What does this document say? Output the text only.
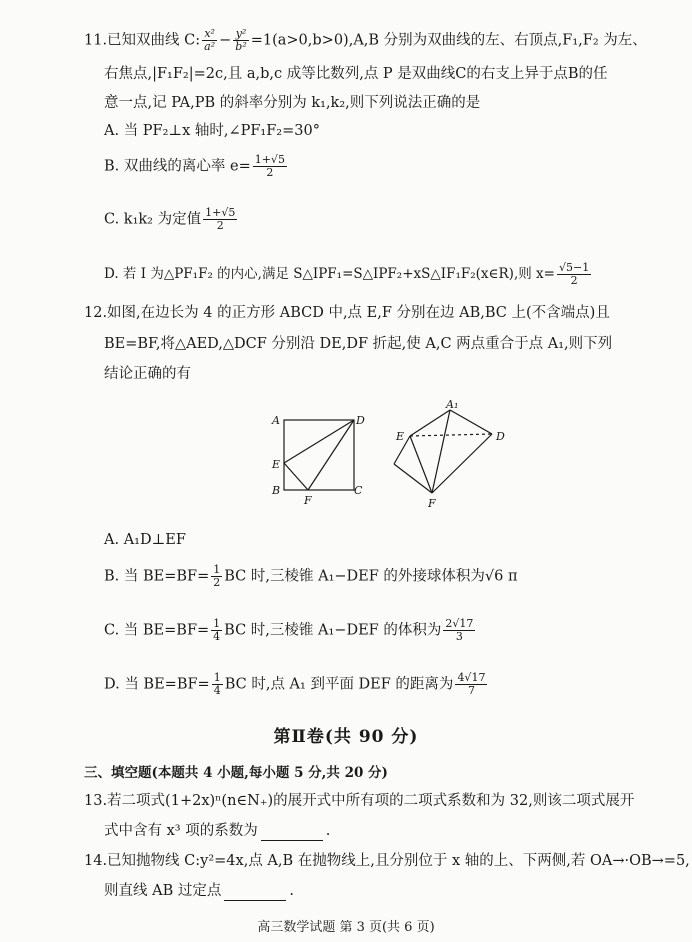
11.已知双曲线 C: $\frac{\text{x²}}{\text{a²}} - \frac{\text{y²}}{\text{b²}} =1(a>0,b>0),A,B$ 分别为双曲线的左、右顶点,F₁,F₂ 为左、
右焦点,|F₁F₂|=2c,且 a,b,c 成等比数列,点 P 是双曲线C的右支上异于点B的任
意一点,记 PA,PB 的斜率分别为 k₁,k₂,则下列说法正确的是
A. 当 PF₂⊥x 轴时,∠PF₁F₂=30°
B. 双曲线的离心率 $e= \frac{1+√5}{2}$
C. k₁k₂ 为定值 $\frac{1+√5}{2}$
D. 若 I 为△PF₁F₂ 的内心,满足 S△IPF₁=S△IPF₂+xS△IF₁F₂(x∈R),则 $x= \frac{√5-1}{2}$
12.如图,在边长为 4 的正方形 ABCD 中,点 E,F 分别在边 AB,BC 上(不含端点)且
BE=BF,将△AED,△DCF 分别沿 DE,DF 折起,使 A,C 两点重合于点 A₁,则下列
结论正确的有
A	D
E
B
F
C
A₁
D
E
F
A. A₁D⊥EF
B. 当 $BE=BF= \frac{1}{2}$ BC 时,三棱锥 A₁−DEF 的外接球体积为√6 π
C. 当 $BE=BF= \frac{1}{4}$ BC 时,三棱锥 A₁−DEF 的体积为 $\frac{2√17}{3}$
D. 当 $BE=BF= \frac{1}{4}$ BC 时,点 A₁ 到平面 DEF 的距离为 $\frac{4√17}{7}$
第Ⅱ卷(共 90 分)
三、填空题(本题共 4 小题,每小题 5 分,共 20 分)
13.若二项式(1+2x)ⁿ(n∈N₊)的展开式中所有项的二项式系数和为 32,则该二项式展开
式中含有 x³ 项的系数为	.
14.已知抛物线 C:y²=4x,点 A,B 在抛物线上,且分别位于 x 轴的上、下两侧,若 OA→·OB→=5,
则直线 AB 过定点	.
高三数学试题 第 3 页(共 6 页)
